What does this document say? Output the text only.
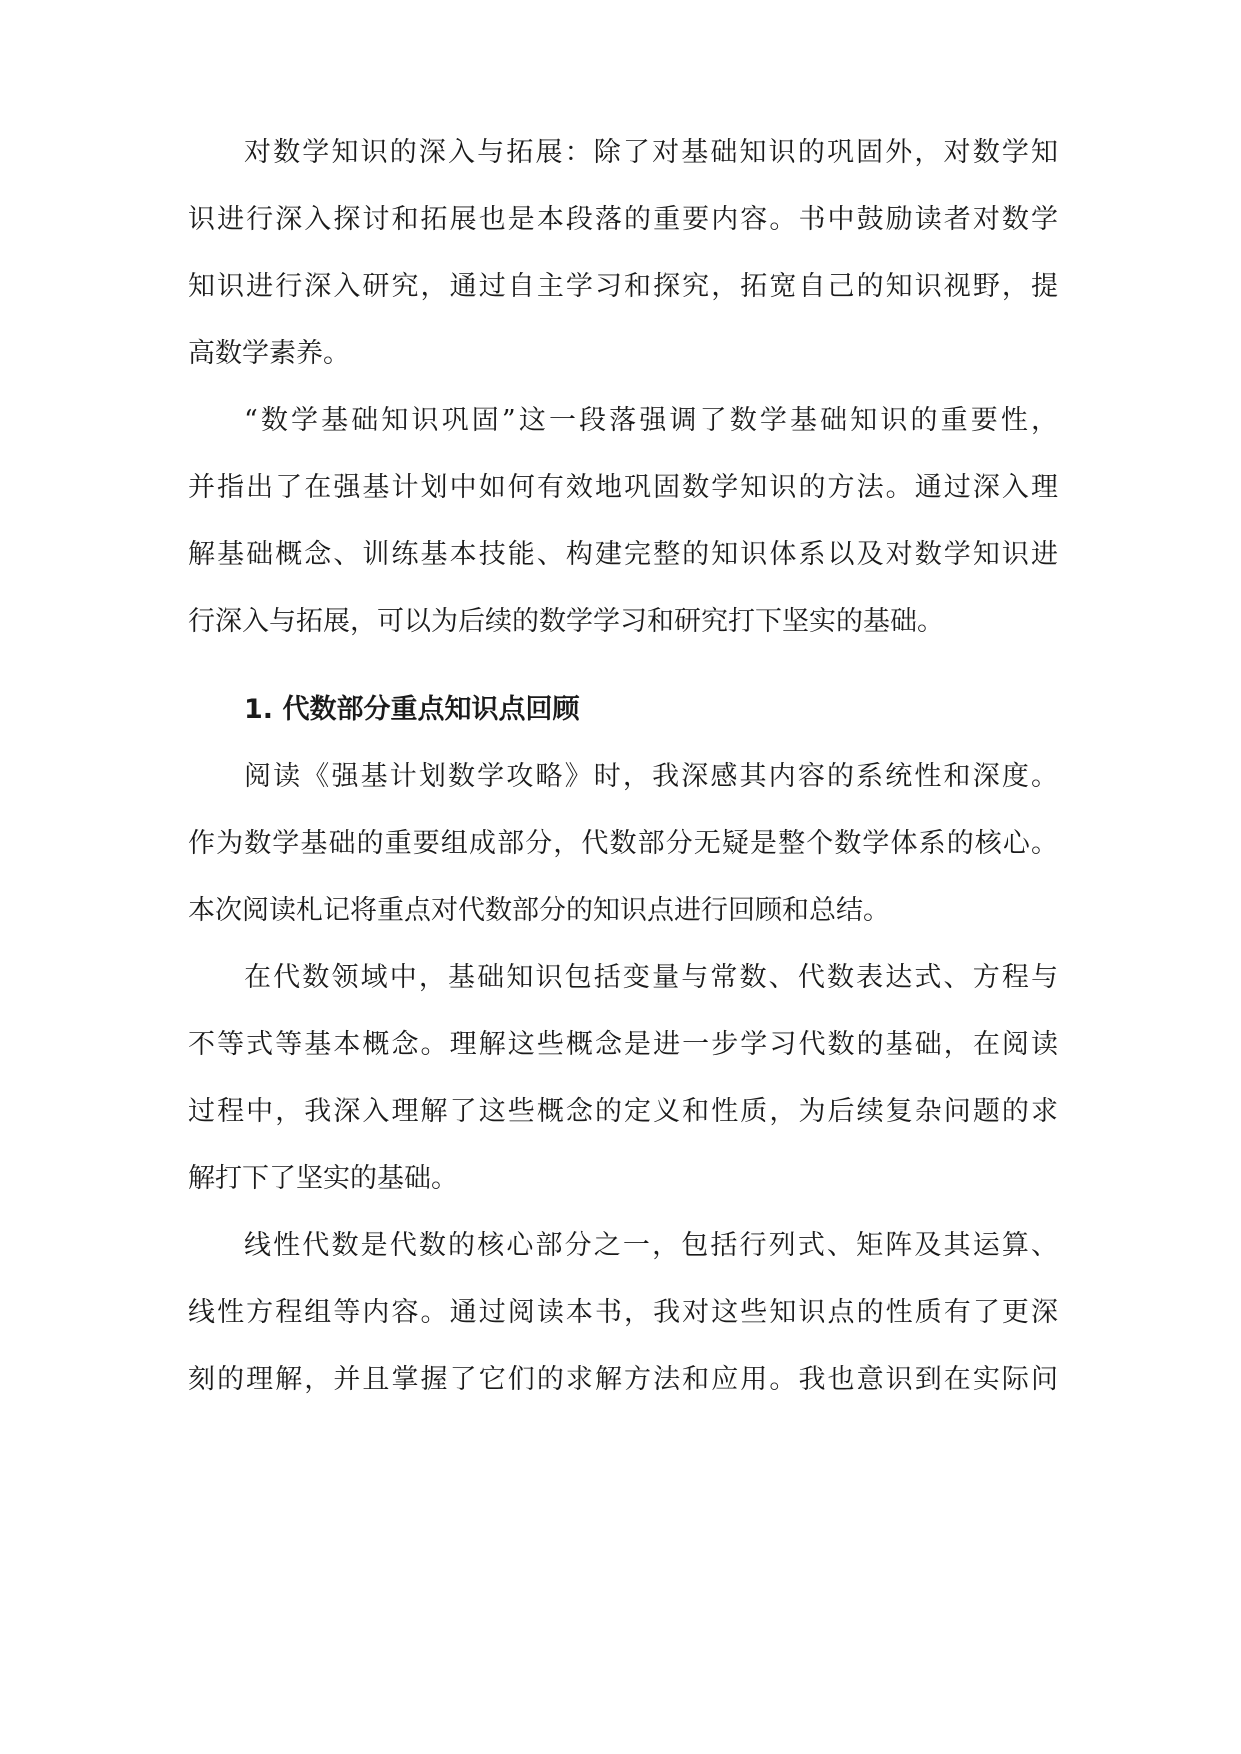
对数学知识的深入与拓展：除了对基础知识的巩固外，对数学知
识进行深入探讨和拓展也是本段落的重要内容。书中鼓励读者对数学
知识进行深入研究，通过自主学习和探究，拓宽自己的知识视野，提
高数学素养。
“数学基础知识巩固”这一段落强调了数学基础知识的重要性，
并指出了在强基计划中如何有效地巩固数学知识的方法。通过深入理
解基础概念、训练基本技能、构建完整的知识体系以及对数学知识进
行深入与拓展，可以为后续的数学学习和研究打下坚实的基础。
1. 代数部分重点知识点回顾
阅读《强基计划数学攻略》时，我深感其内容的系统性和深度。
作为数学基础的重要组成部分，代数部分无疑是整个数学体系的核心。
本次阅读札记将重点对代数部分的知识点进行回顾和总结。
在代数领域中，基础知识包括变量与常数、代数表达式、方程与
不等式等基本概念。理解这些概念是进一步学习代数的基础，在阅读
过程中，我深入理解了这些概念的定义和性质，为后续复杂问题的求
解打下了坚实的基础。
线性代数是代数的核心部分之一，包括行列式、矩阵及其运算、
线性方程组等内容。通过阅读本书，我对这些知识点的性质有了更深
刻的理解，并且掌握了它们的求解方法和应用。我也意识到在实际问
